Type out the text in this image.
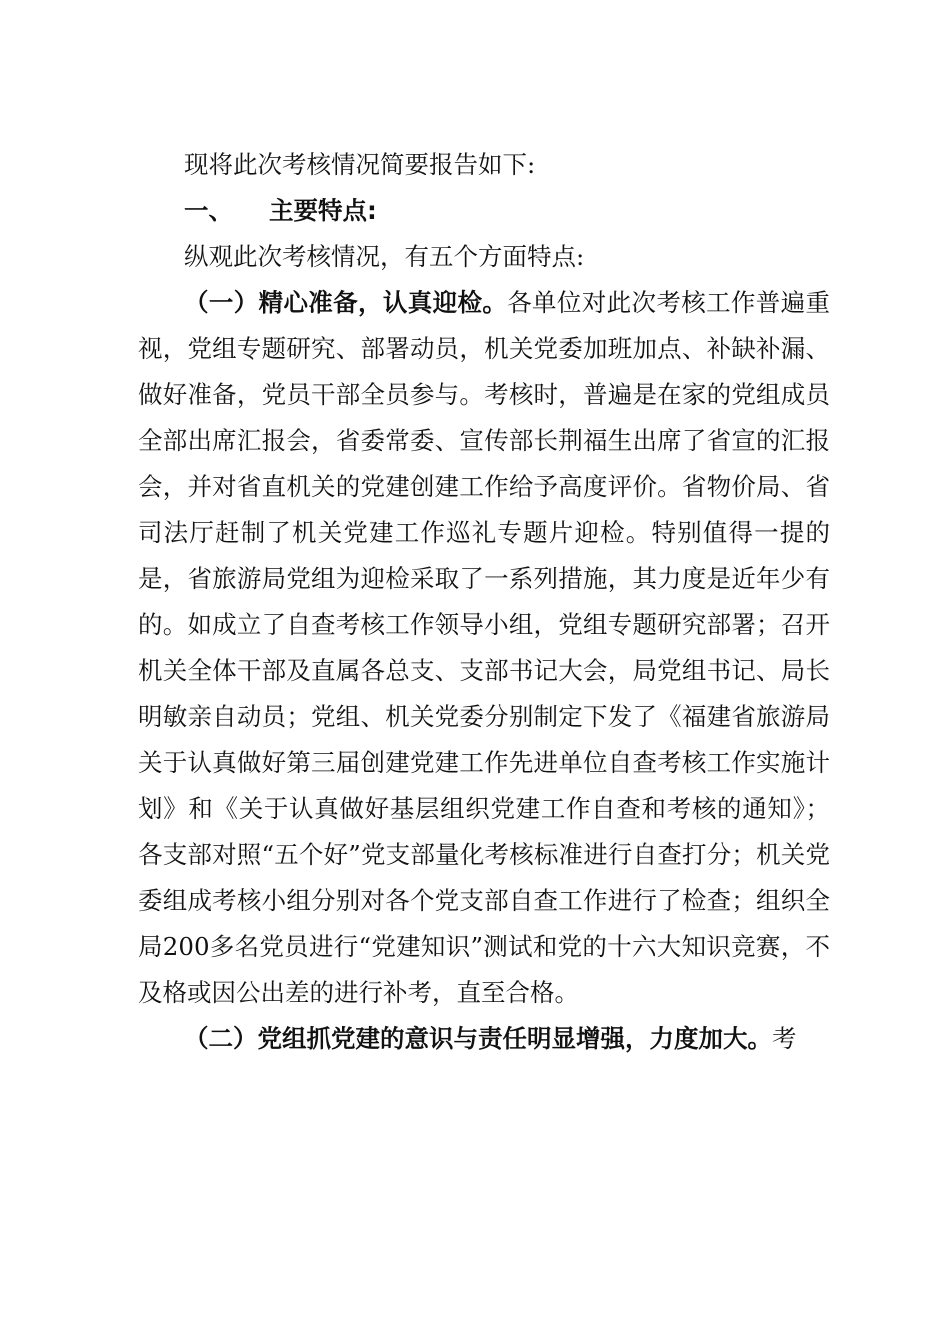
现将此次考核情况简要报告如下:

一、 主要特点:

纵观此次考核情况，有五个方面特点:

（一）精心准备，认真迎检。各单位对此次考核工作普遍重视，党组专题研究、部署动员，机关党委加班加点、补缺补漏、做好准备，党员干部全员参与。考核时，普遍是在家的党组成员全部出席汇报会，省委常委、宣传部长荆福生出席了省宣的汇报会，并对省直机关的党建创建工作给予高度评价。省物价局、省司法厅赶制了机关党建工作巡礼专题片迎检。特别值得一提的是，省旅游局党组为迎检采取了一系列措施，其力度是近年少有的。如成立了自查考核工作领导小组，党组专题研究部署；召开机关全体干部及直属各总支、支部书记大会，局党组书记、局长明敏亲自动员；党组、机关党委分别制定下发了《福建省旅游局关于认真做好第三届创建党建工作先进单位自查考核工作实施计划》和《关于认真做好基层组织党建工作自查和考核的通知》；各支部对照“五个好”党支部量化考核标准进行自查打分；机关党委组成考核小组分别对各个党支部自查工作进行了检查；组织全局200多名党员进行“党建知识”测试和党的十六大知识竞赛，不及格或因公出差的进行补考，直至合格。

（二）党组抓党建的意识与责任明显增强，力度加大。考
